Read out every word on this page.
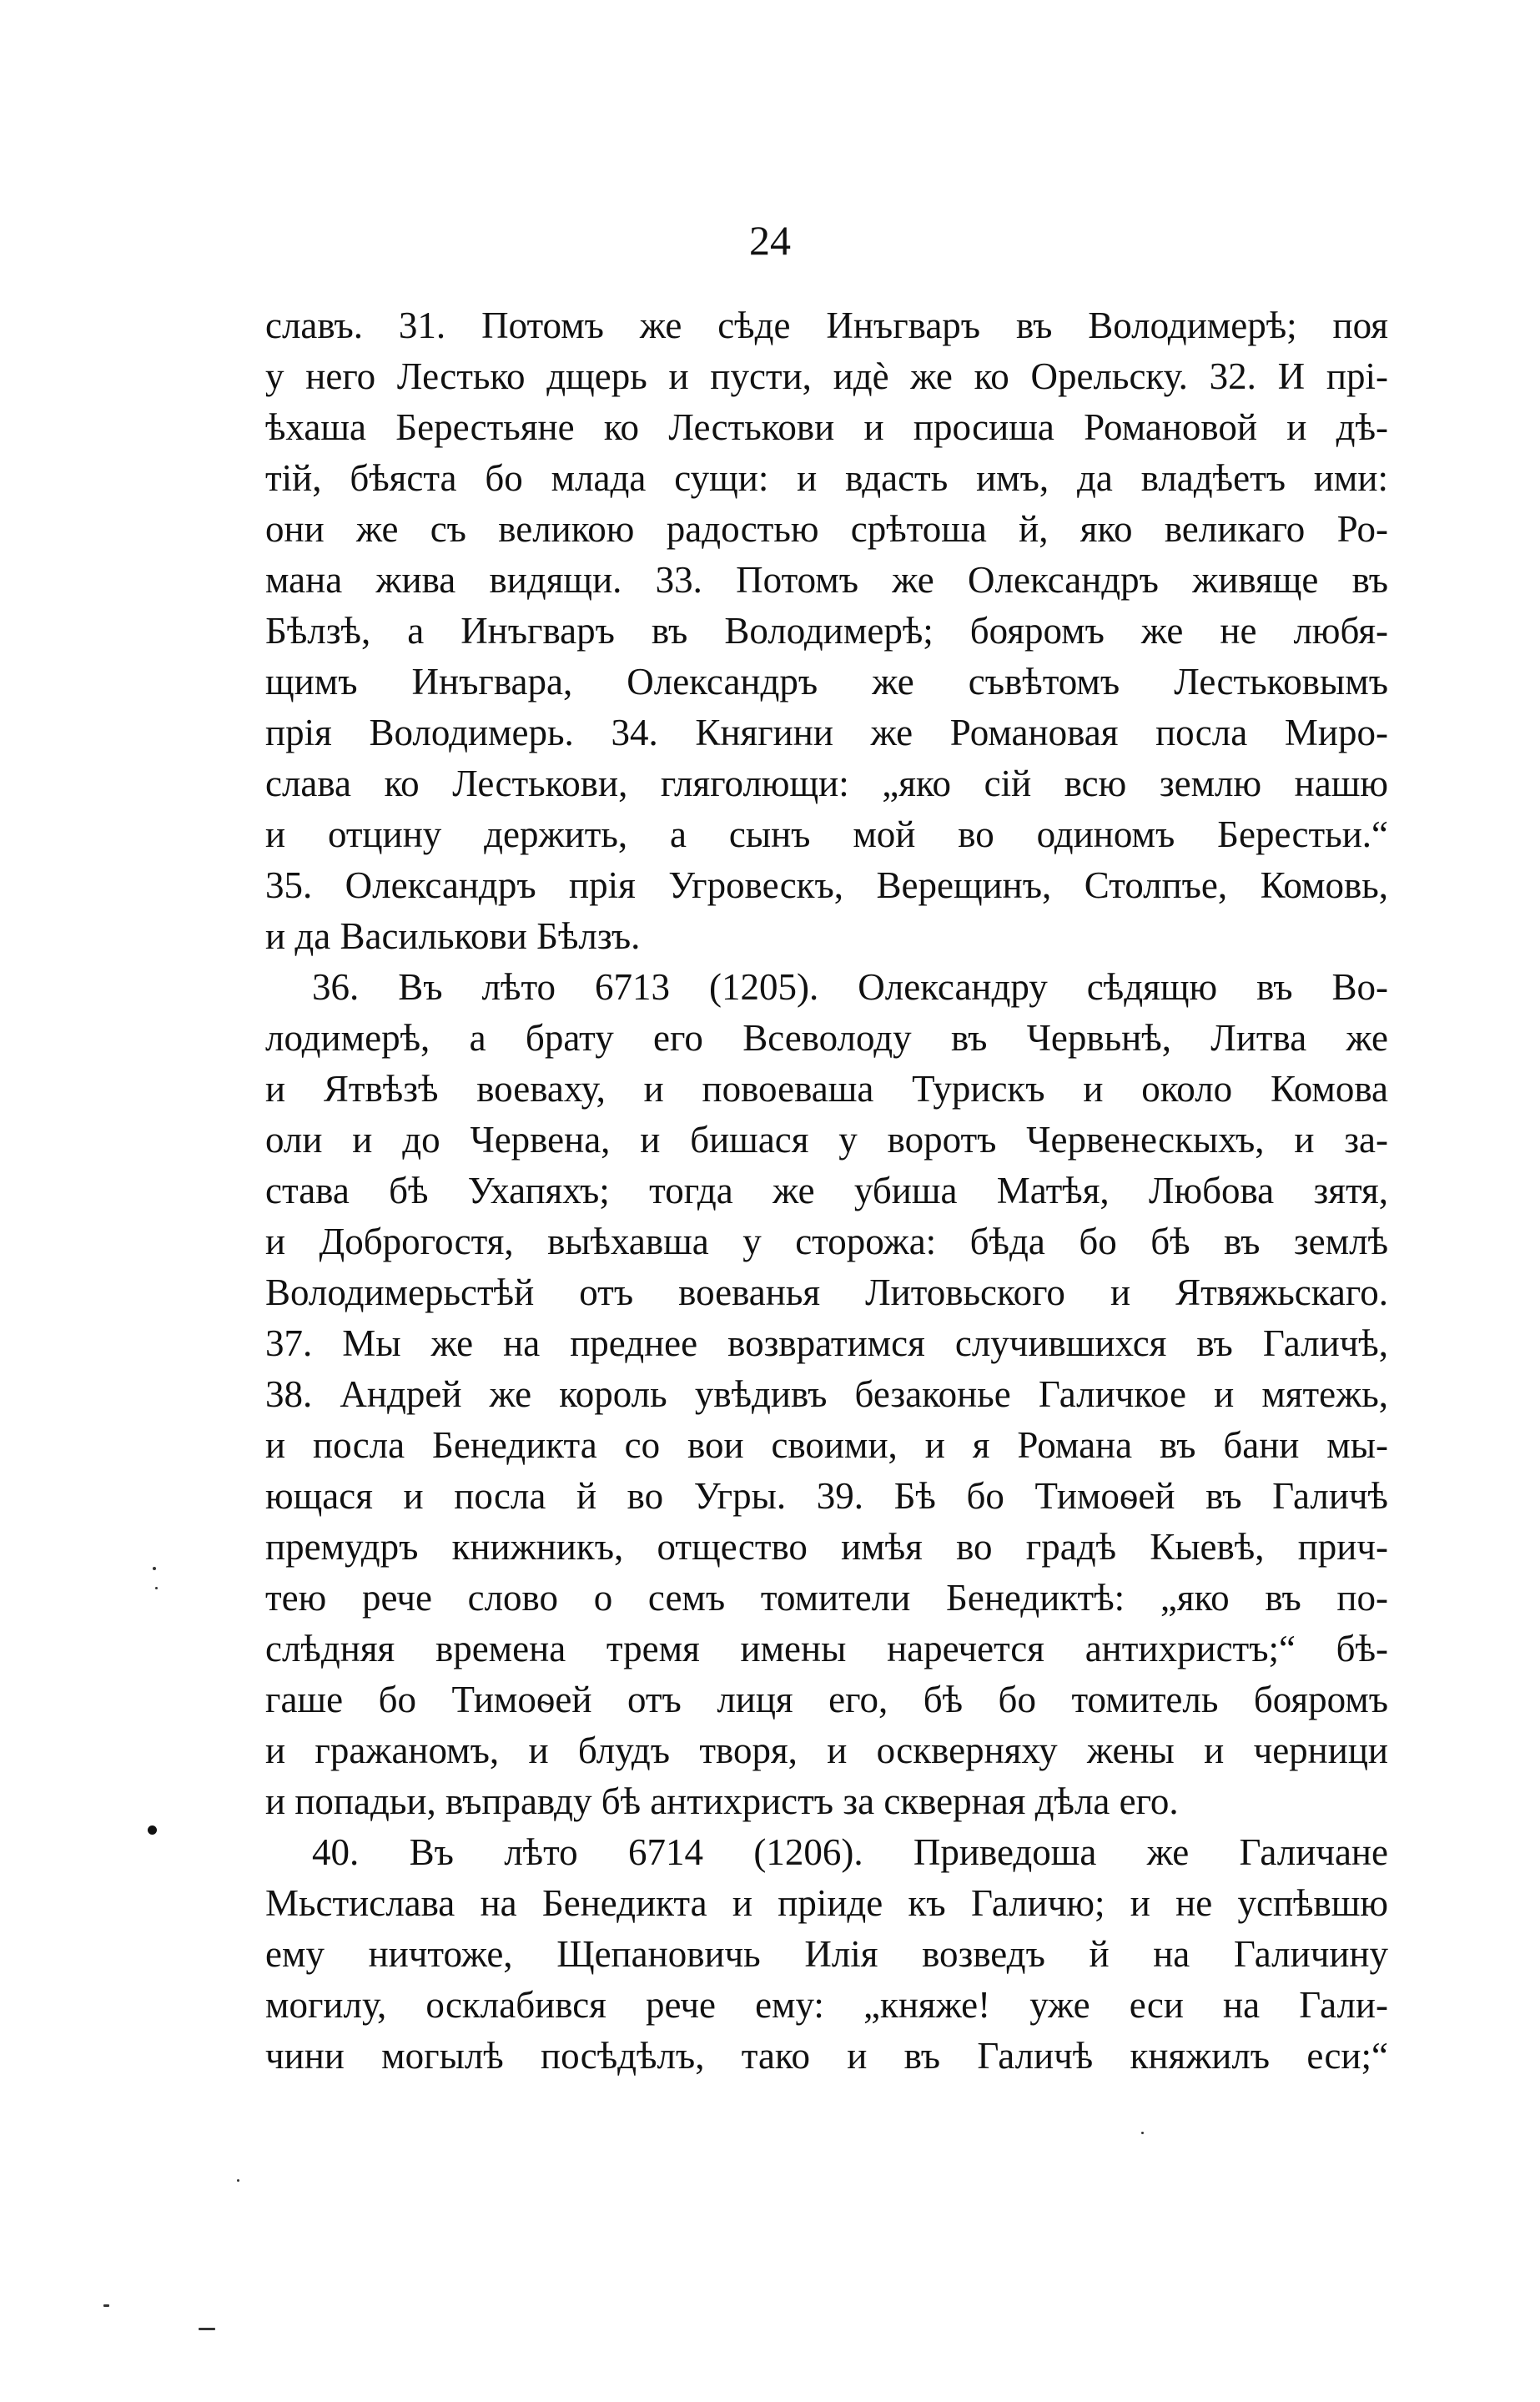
24
славъ. 31. Потомъ же сѣде Инъгваръ въ Володимерѣ; поя
у него Лестько дщерь и пусти, идѐ же ко Орельску. 32. И прі-
ѣхаша Берестьяне ко Лестькови и просиша Романовой и дѣ-
тій, бѣяста бо млада сущи: и вдасть имъ, да владѣетъ ими:
они же съ великою радостью срѣтоша й, яко великаго Ро-
мана жива видящи. 33. Потомъ же Олександръ живяще въ
Бѣлзѣ, а Инъгваръ въ Володимерѣ; бояромъ же не любя-
щимъ Инъгвара, Олександръ же съвѣтомъ Лестьковымъ
прія Володимерь. 34. Княгини же Романовая посла Миро-
слава ко Лестькови, гляголющи: „яко сій всю землю нашю
и отцину держить, а сынъ мой во одиномъ Берестьи.“
35. Олександръ прія Угровескъ, Верещинъ, Столпъе, Комовь,
и да Василькови Бѣлзъ.
36. Въ лѣто 6713 (1205). Олександру сѣдящю въ Во-
лодимерѣ, а брату его Всеволоду въ Червьнѣ, Литва же
и Ятвѣзѣ воеваху, и повоеваша Турискъ и около Комова
оли и до Червена, и бишася у воротъ Червенескыхъ, и за-
става бѣ Ухапяхъ; тогда же убиша Матѣя, Любова зятя,
и Доброгостя, выѣхавша у сторожа: бѣда бо бѣ въ землѣ
Володимерьстѣй отъ воеванья Литовьского и Ятвяжьскаго.
37. Мы же на преднее возвратимся случившихся въ Галичѣ,
38. Андрей же король увѣдивъ безаконье Галичкое и мятежь,
и посла Бенедикта со вои своими, и я Романа въ бани мы-
ющася и посла й во Угры. 39. Бѣ бо Тимоѳей въ Галичѣ
премудръ книжникъ, отщество имѣя во градѣ Кыевѣ, прич-
тею рече слово о семъ томители Бенедиктѣ: „яко въ по-
слѣдняя времена тремя имены наречется антихристъ;“ бѣ-
гаше бо Тимоѳей отъ лиця его, бѣ бо томитель бояромъ
и гражаномъ, и блудъ творя, и оскверняху жены и черници
и попадьи, въправду бѣ антихристъ за скверная дѣла его.
40. Въ лѣто 6714 (1206). Приведоша же Галичане
Мьстислава на Бенедикта и пріиде къ Галичю; и не успѣвшю
ему ничтоже, Щепановичь Илія возведъ й на Галичину
могилу, осклабився рече ему: „княже! уже еси на Гали-
чини могылѣ посѣдѣлъ, тако и въ Галичѣ княжилъ еси;“
